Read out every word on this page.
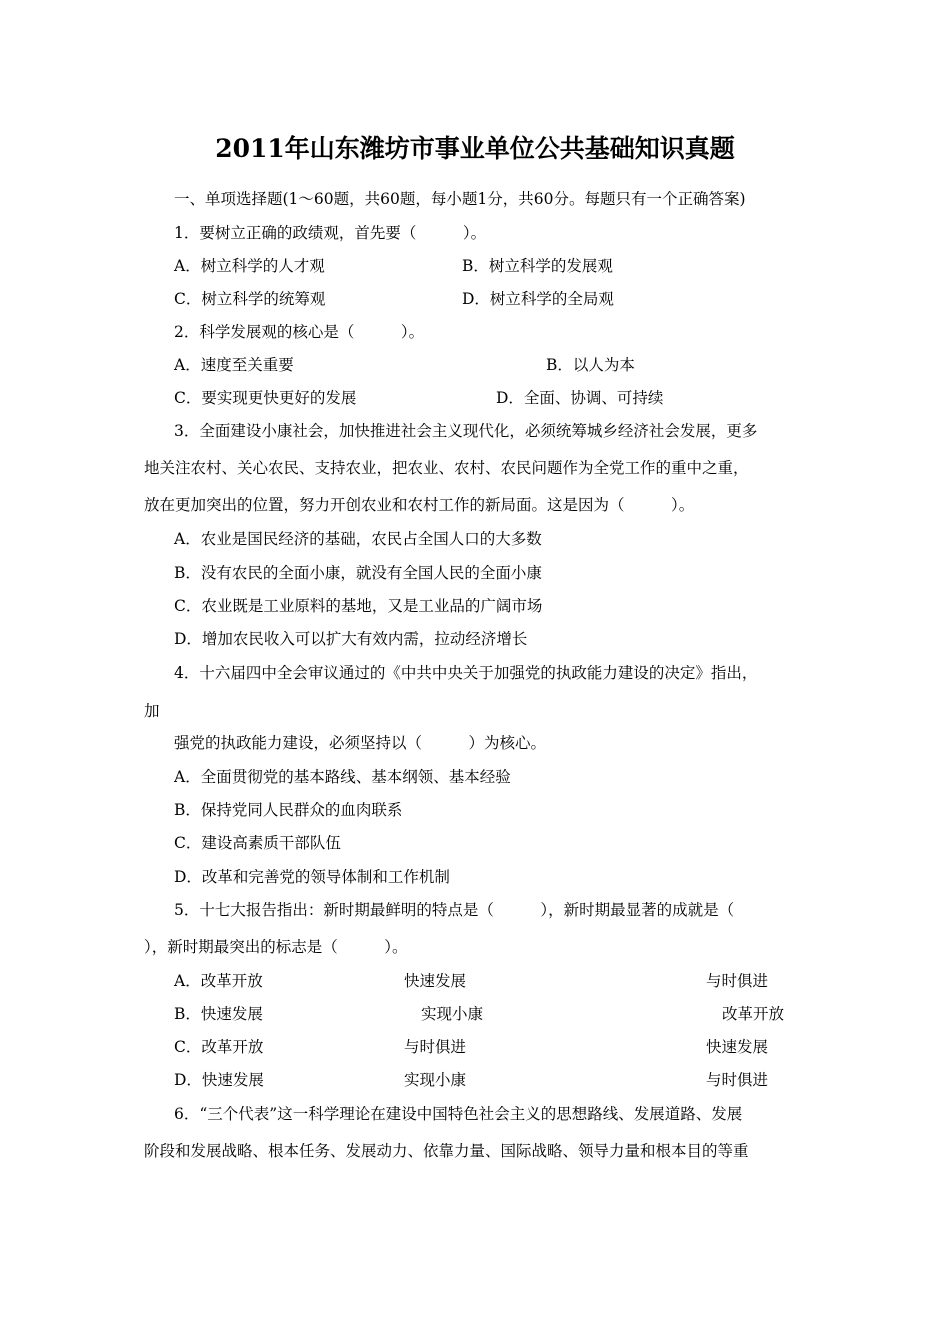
2011年山东潍坊市事业单位公共基础知识真题
一、单项选择题(1～60题，共60题，每小题1分，共60分。每题只有一个正确答案)
1．要树立正确的政绩观，首先要（　　　）。
A．树立科学的人才观	B．树立科学的发展观
C．树立科学的统筹观	D．树立科学的全局观
2．科学发展观的核心是（　　　）。
A．速度至关重要	B．以人为本
C．要实现更快更好的发展	D．全面、协调、可持续
3．全面建设小康社会，加快推进社会主义现代化，必须统筹城乡经济社会发展，更多
地关注农村、关心农民、支持农业，把农业、农村、农民问题作为全党工作的重中之重，
放在更加突出的位置，努力开创农业和农村工作的新局面。这是因为（　　　）。
A．农业是国民经济的基础，农民占全国人口的大多数
B．没有农民的全面小康，就没有全国人民的全面小康
C．农业既是工业原料的基地，又是工业品的广阔市场
D．增加农民收入可以扩大有效内需，拉动经济增长
4．十六届四中全会审议通过的《中共中央关于加强党的执政能力建设的决定》指出，
加
强党的执政能力建设，必须坚持以（　　　）为核心。
A．全面贯彻党的基本路线、基本纲领、基本经验
B．保持党同人民群众的血肉联系
C．建设高素质干部队伍
D．改革和完善党的领导体制和工作机制
5．十七大报告指出：新时期最鲜明的特点是（　　　），新时期最显著的成就是（
），新时期最突出的标志是（　　　）。
A．改革开放	快速发展	与时俱进
B．快速发展	实现小康	改革开放
C．改革开放	与时俱进	快速发展
D．快速发展	实现小康	与时俱进
6．“三个代表”这一科学理论在建设中国特色社会主义的思想路线、发展道路、发展
阶段和发展战略、根本任务、发展动力、依靠力量、国际战略、领导力量和根本目的等重
